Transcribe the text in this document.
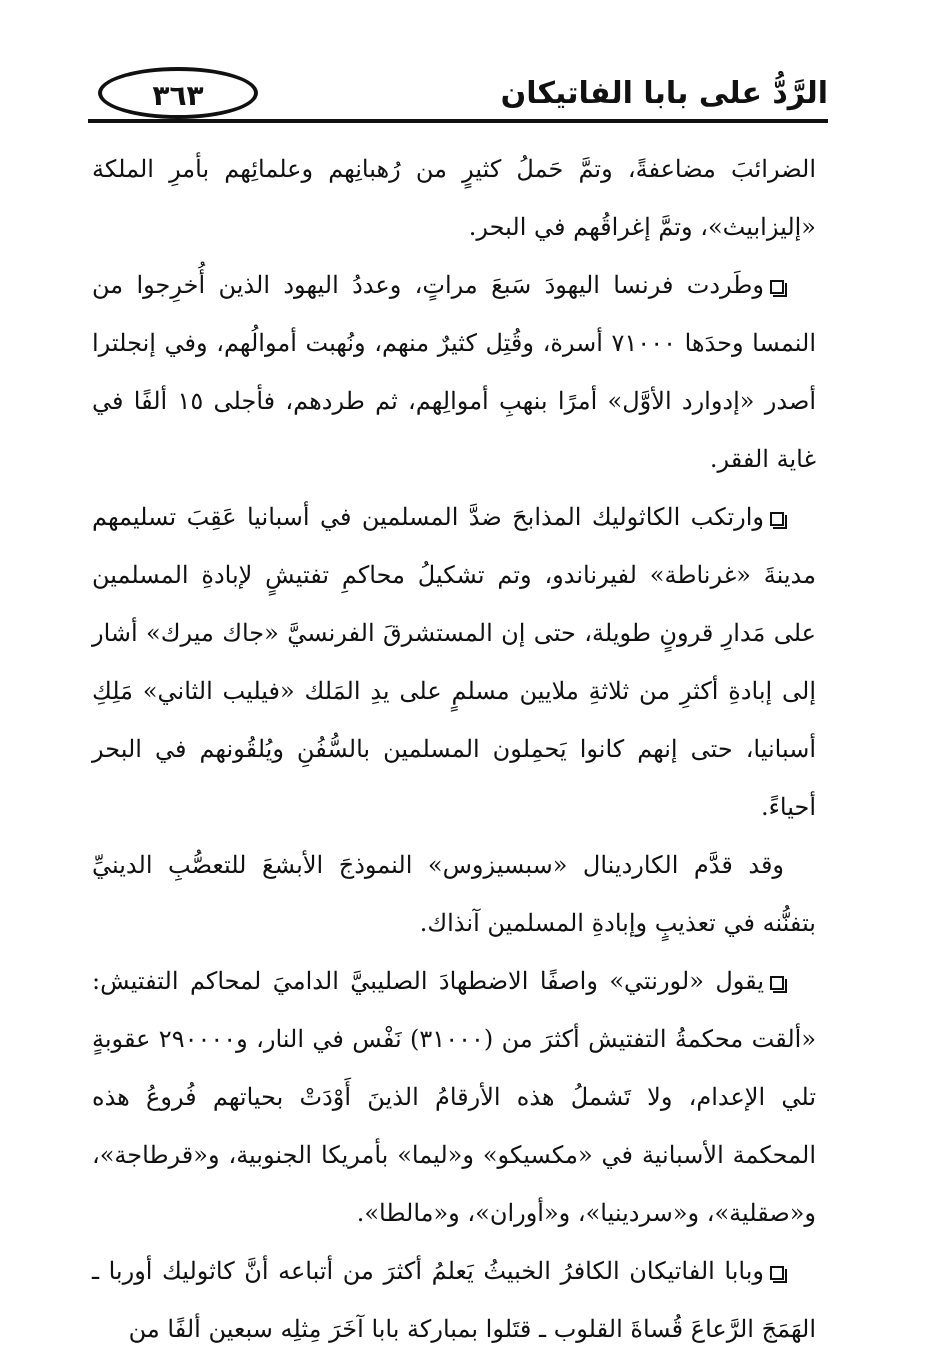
الرَّدُّ على بابا الفاتيكان
٣٦٣

الضرائبَ مضاعفةً، وتمَّ حَملُ كثيرٍ من رُهبانِهم وعلمائِهم بأمرِ الملكة «إليزابيث»، وتمَّ إغراقُهم في البحر.

وطَردت فرنسا اليهودَ سَبعَ مراتٍ، وعددُ اليهود الذين أُخرِجوا من النمسا وحدَها ٧١٠٠٠ أسرة، وقُتِل كثيرٌ منهم، ونُهبت أموالُهم، وفي إنجلترا أصدر «إدوارد الأوَّل» أمرًا بنهبِ أموالِهم، ثم طردهم، فأجلى ١٥ ألفًا في غاية الفقر.

وارتكب الكاثوليك المذابحَ ضدَّ المسلمين في أسبانيا عَقِبَ تسليمهم مدينةَ «غرناطة» لفيرناندو، وتم تشكيلُ محاكمِ تفتيشٍ لإبادةِ المسلمين على مَدارِ قرونٍ طويلة، حتى إن المستشرقَ الفرنسيَّ «جاك ميرك» أشار إلى إبادةِ أكثرِ من ثلاثةِ ملايين مسلمٍ على يدِ المَلك «فيليب الثاني» مَلِكِ أسبانيا، حتى إنهم كانوا يَحمِلون المسلمين بالسُّفُنِ ويُلقُونهم في البحر أحياءً.

وقد قدَّم الكاردينال «سبسيزوس» النموذجَ الأبشعَ للتعصُّبِ الدينيِّ بتفنُّنه في تعذيبٍ وإبادةِ المسلمين آنذاك.

يقول «لورنتي» واصفًا الاضطهادَ الصليبيَّ الداميَ لمحاكم التفتيش: «ألقت محكمةُ التفتيش أكثرَ من (٣١٠٠٠) نَفْس في النار، و٢٩٠٠٠٠ عقوبةٍ تلي الإعدام، ولا تَشملُ هذه الأرقامُ الذينَ أَوْدَتْ بحياتهم فُروعُ هذه المحكمة الأسبانية في «مكسيكو» و«ليما» بأمريكا الجنوبية، و«قرطاجة»، و«صقلية»، و«سردينيا»، و«أوران»، و«مالطا».

وبابا الفاتيكان الكافرُ الخبيثُ يَعلمُ أكثرَ من أتباعه أنَّ كاثوليك أوربا ـ الهَمَجَ الرَّعاعَ قُساةَ القلوب ـ قتَلوا بمباركة بابا آخَرَ مِثلِه سبعين ألفًا من
